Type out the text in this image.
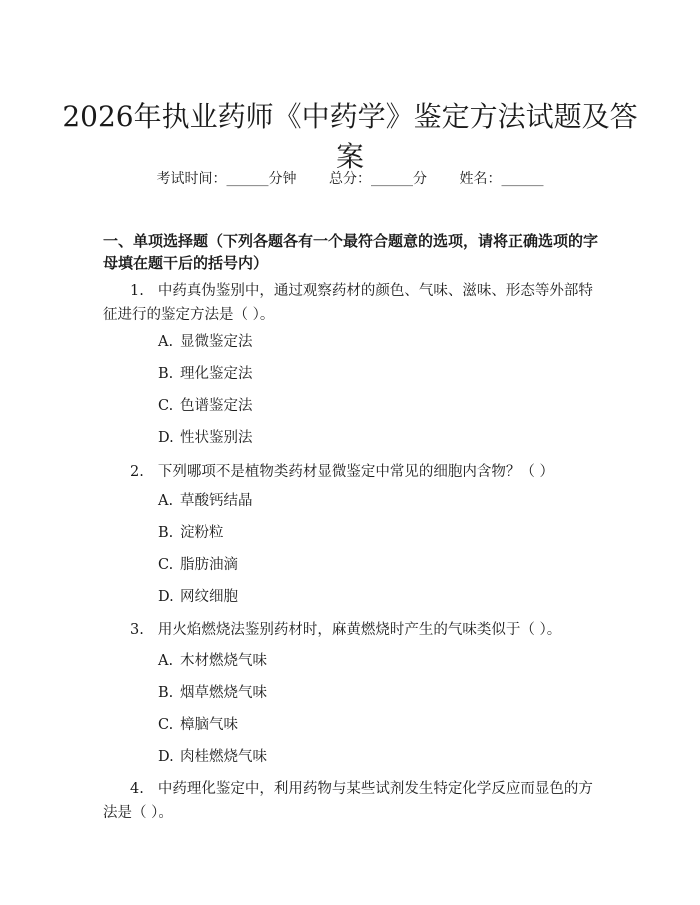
2026年执业药师《中药学》鉴定方法试题及答案
考试时间：______分钟 总分：______分 姓名：______
一、单项选择题（下列各题各有一个最符合题意的选项，请将正确选项的字母填在题干后的括号内）
1. 中药真伪鉴别中，通过观察药材的颜色、气味、滋味、形态等外部特征进行的鉴定方法是（ ）。
A. 显微鉴定法
B. 理化鉴定法
C. 色谱鉴定法
D. 性状鉴别法
2. 下列哪项不是植物类药材显微鉴定中常见的细胞内含物？（ ）
A. 草酸钙结晶
B. 淀粉粒
C. 脂肪油滴
D. 网纹细胞
3. 用火焰燃烧法鉴别药材时，麻黄燃烧时产生的气味类似于（ ）。
A. 木材燃烧气味
B. 烟草燃烧气味
C. 樟脑气味
D. 肉桂燃烧气味
4. 中药理化鉴定中，利用药物与某些试剂发生特定化学反应而显色的方法是（ ）。
